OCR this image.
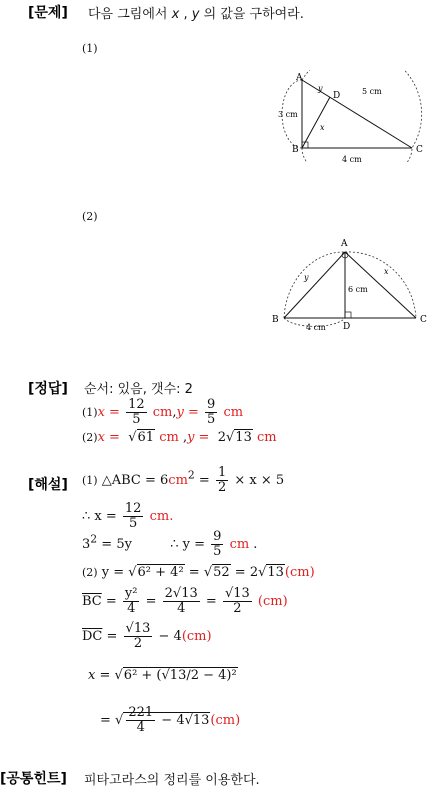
[문제] 다음 그림에서 x , y 의 값을 구하여라.
(1)
A
B	C
D
3 cm
4 cm
5 cm
y
x
(2)
A
B	C
D
6 cm
4 cm
y
x
[정답] 순서: 있음, 갯수: 2
$(1)x = \frac{12}{5} cm,y = \frac{9}{5}$ cm
(2)x =  √61 cm ,y = 2√13 cm
[해설] (1) △ABC = $6cm^2 = \frac{1}{2} \times x \times 5$
∴ $x = \frac{12}{5}$ cm.
$3^2 = 5y$	∴ $y = \frac{9}{5}$ cm .
(2) y = √6² + 4² = √52 = 2√13(cm)
$\overline{BC} = \frac{\text{y²}}{4} = \frac{2√13}{4} = \frac{√13}{2} (cm)$
$\overline{DC} = \frac{√13}{2} - 4(cm)$
x = √6² + (√13/2 − 4)²
= √ $\frac{221}{4} - 4√13(cm)$
[공통힌트] 피타고라스의 정리를 이용한다.
